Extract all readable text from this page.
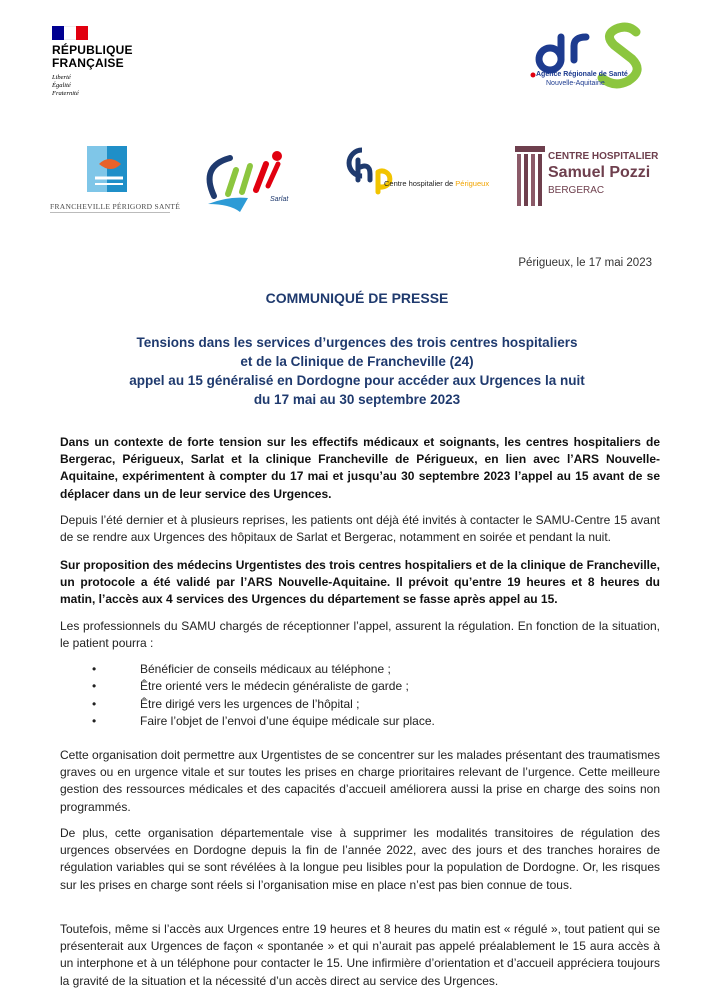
RÉPUBLIQUE
FRANÇAISE
Liberté
Égalité
Fraternité
Agence Régionale de Santé
Nouvelle-Aquitaine
FRANCHEVILLE PÉRIGORD SANTÉ
Sarlat
Centre hospitalier de Périgueux
CENTRE HOSPITALIER
Samuel Pozzi
BERGERAC
Périgueux, le 17 mai 2023
COMMUNIQUÉ DE PRESSE
Tensions dans les services d’urgences des trois centres hospitaliers
et de la Clinique de Francheville (24)
appel au 15 généralisé en Dordogne pour accéder aux Urgences la nuit
du 17 mai au 30 septembre 2023
Dans un contexte de forte tension sur les effectifs médicaux et soignants, les centres hospitaliers de Bergerac, Périgueux, Sarlat et la clinique Francheville de Périgueux, en lien avec l’ARS Nouvelle-Aquitaine, expérimentent à compter du 17 mai et jusqu’au 30 septembre 2023 l’appel au 15 avant de se déplacer dans un de leur service des Urgences.
Depuis l’été dernier et à plusieurs reprises, les patients ont déjà été invités à contacter le SAMU-Centre 15 avant de se rendre aux Urgences des hôpitaux de Sarlat et Bergerac, notamment en soirée et pendant la nuit.
Sur proposition des médecins Urgentistes des trois centres hospitaliers et de la clinique de Francheville, un protocole a été validé par l’ARS Nouvelle-Aquitaine. Il prévoit qu’entre 19 heures et 8 heures du matin, l’accès aux 4 services des Urgences du département se fasse après appel au 15.
Les professionnels du SAMU chargés de réceptionner l’appel, assurent la régulation. En fonction de la situation, le patient pourra :
• Bénéficier de conseils médicaux au téléphone ;
• Être orienté vers le médecin généraliste de garde ;
• Être dirigé vers les urgences de l’hôpital ;
• Faire l’objet de l’envoi d’une équipe médicale sur place.
Cette organisation doit permettre aux Urgentistes de se concentrer sur les malades présentant des traumatismes graves ou en urgence vitale et sur toutes les prises en charge prioritaires relevant de l’urgence. Cette meilleure gestion des ressources médicales et des capacités d’accueil améliorera aussi la prise en charge des soins non programmés.
De plus, cette organisation départementale vise à supprimer les modalités transitoires de régulation des urgences observées en Dordogne depuis la fin de l’année 2022, avec des jours et des tranches horaires de régulation variables qui se sont révélées à la longue peu lisibles pour la population de Dordogne. Or, les risques sur les prises en charge sont réels si l’organisation mise en place n’est pas bien connue de tous.
Toutefois, même si l’accès aux Urgences entre 19 heures et 8 heures du matin est « régulé », tout patient qui se présenterait aux Urgences de façon « spontanée » et qui n’aurait pas appelé préalablement le 15 aura accès à un interphone et à un téléphone pour contacter le 15. Une infirmière d’orientation et d’accueil appréciera toujours la gravité de la situation et la nécessité d’un accès direct au service des Urgences.
